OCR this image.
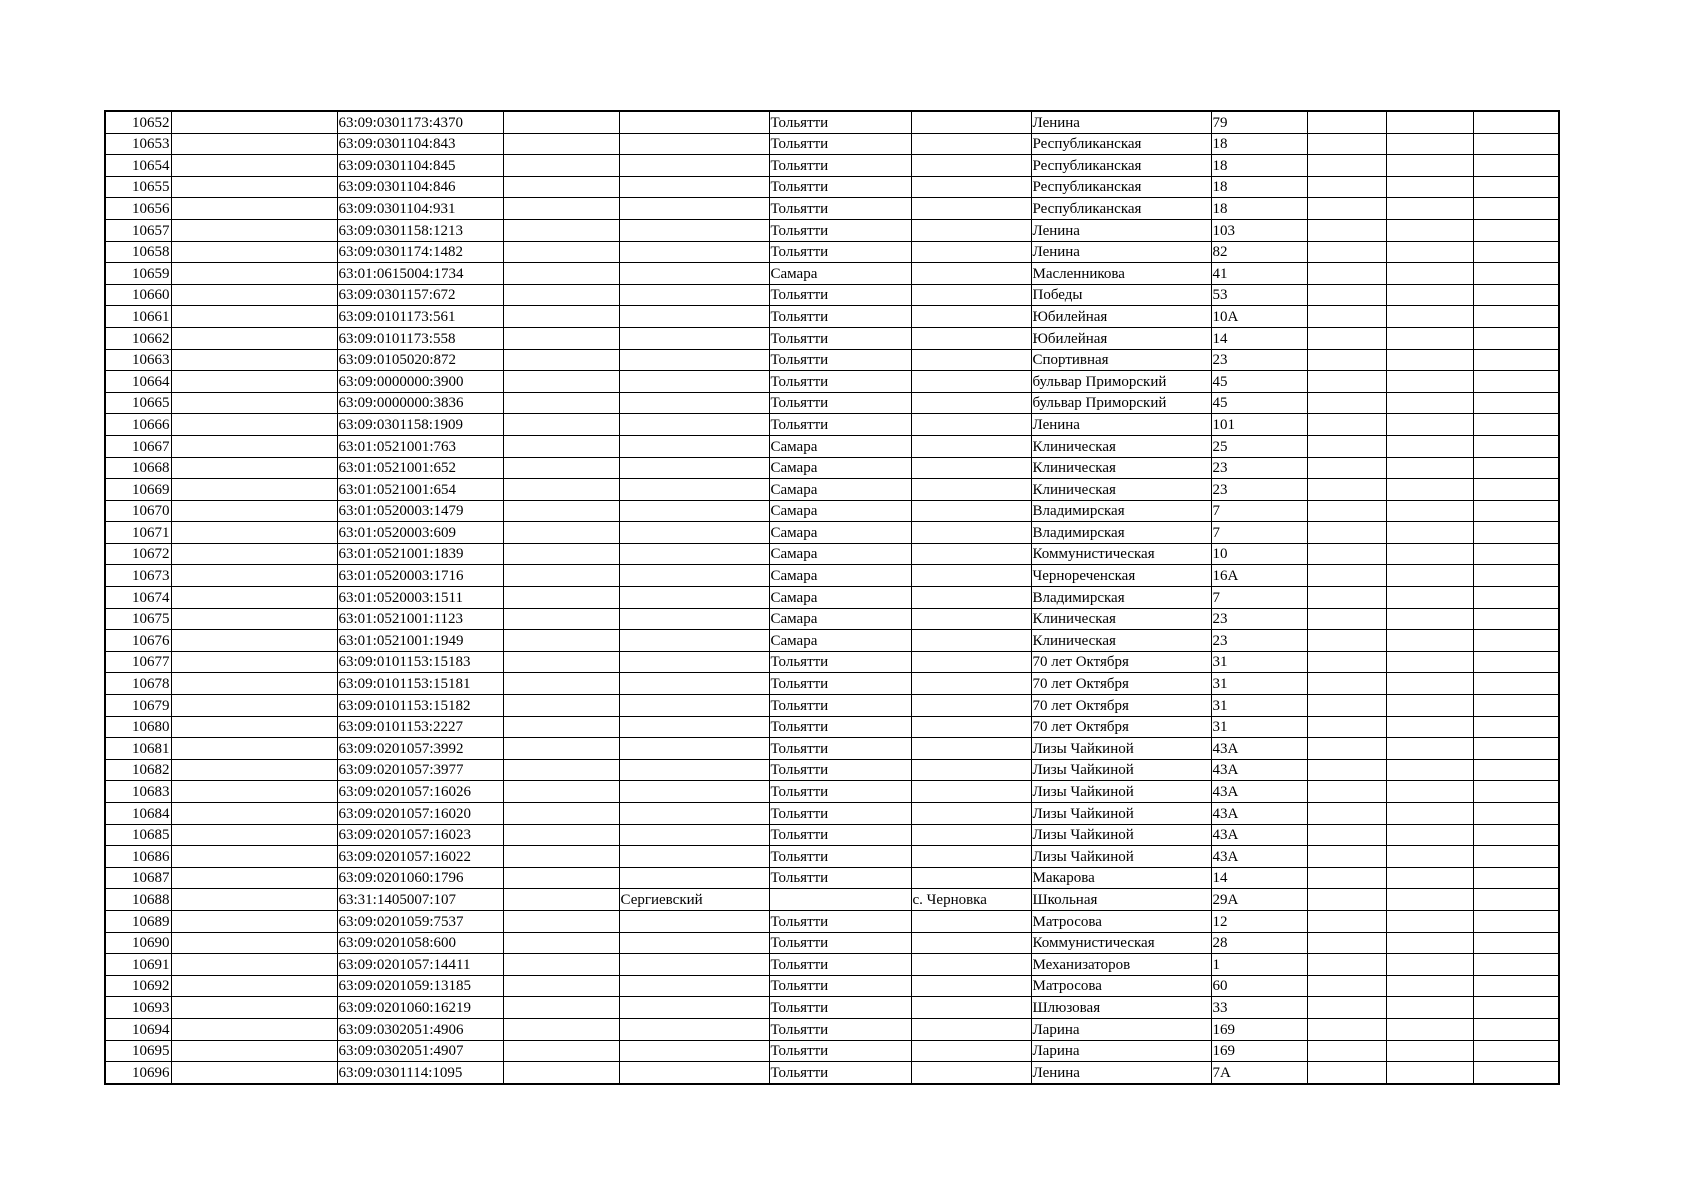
10652		63:09:0301173:4370			Тольятти		Ленина	79			
10653		63:09:0301104:843			Тольятти		Республиканская	18			
10654		63:09:0301104:845			Тольятти		Республиканская	18			
10655		63:09:0301104:846			Тольятти		Республиканская	18			
10656		63:09:0301104:931			Тольятти		Республиканская	18			
10657		63:09:0301158:1213			Тольятти		Ленина	103			
10658		63:09:0301174:1482			Тольятти		Ленина	82			
10659		63:01:0615004:1734			Самара		Масленникова	41			
10660		63:09:0301157:672			Тольятти		Победы	53			
10661		63:09:0101173:561			Тольятти		Юбилейная	10А			
10662		63:09:0101173:558			Тольятти		Юбилейная	14			
10663		63:09:0105020:872			Тольятти		Спортивная	23			
10664		63:09:0000000:3900			Тольятти		бульвар Приморский	45			
10665		63:09:0000000:3836			Тольятти		бульвар Приморский	45			
10666		63:09:0301158:1909			Тольятти		Ленина	101			
10667		63:01:0521001:763			Самара		Клиническая	25			
10668		63:01:0521001:652			Самара		Клиническая	23			
10669		63:01:0521001:654			Самара		Клиническая	23			
10670		63:01:0520003:1479			Самара		Владимирская	7			
10671		63:01:0520003:609			Самара		Владимирская	7			
10672		63:01:0521001:1839			Самара		Коммунистическая	10			
10673		63:01:0520003:1716			Самара		Чернореченская	16А			
10674		63:01:0520003:1511			Самара		Владимирская	7			
10675		63:01:0521001:1123			Самара		Клиническая	23			
10676		63:01:0521001:1949			Самара		Клиническая	23			
10677		63:09:0101153:15183			Тольятти		70 лет Октября	31			
10678		63:09:0101153:15181			Тольятти		70 лет Октября	31			
10679		63:09:0101153:15182			Тольятти		70 лет Октября	31			
10680		63:09:0101153:2227			Тольятти		70 лет Октября	31			
10681		63:09:0201057:3992			Тольятти		Лизы Чайкиной	43А			
10682		63:09:0201057:3977			Тольятти		Лизы Чайкиной	43А			
10683		63:09:0201057:16026			Тольятти		Лизы Чайкиной	43А			
10684		63:09:0201057:16020			Тольятти		Лизы Чайкиной	43А			
10685		63:09:0201057:16023			Тольятти		Лизы Чайкиной	43А			
10686		63:09:0201057:16022			Тольятти		Лизы Чайкиной	43А			
10687		63:09:0201060:1796			Тольятти		Макарова	14			
10688		63:31:1405007:107		Сергиевский		с. Черновка	Школьная	29А			
10689		63:09:0201059:7537			Тольятти		Матросова	12			
10690		63:09:0201058:600			Тольятти		Коммунистическая	28			
10691		63:09:0201057:14411			Тольятти		Механизаторов	1			
10692		63:09:0201059:13185			Тольятти		Матросова	60			
10693		63:09:0201060:16219			Тольятти		Шлюзовая	33			
10694		63:09:0302051:4906			Тольятти		Ларина	169			
10695		63:09:0302051:4907			Тольятти		Ларина	169			
10696		63:09:0301114:1095			Тольятти		Ленина	7А			
